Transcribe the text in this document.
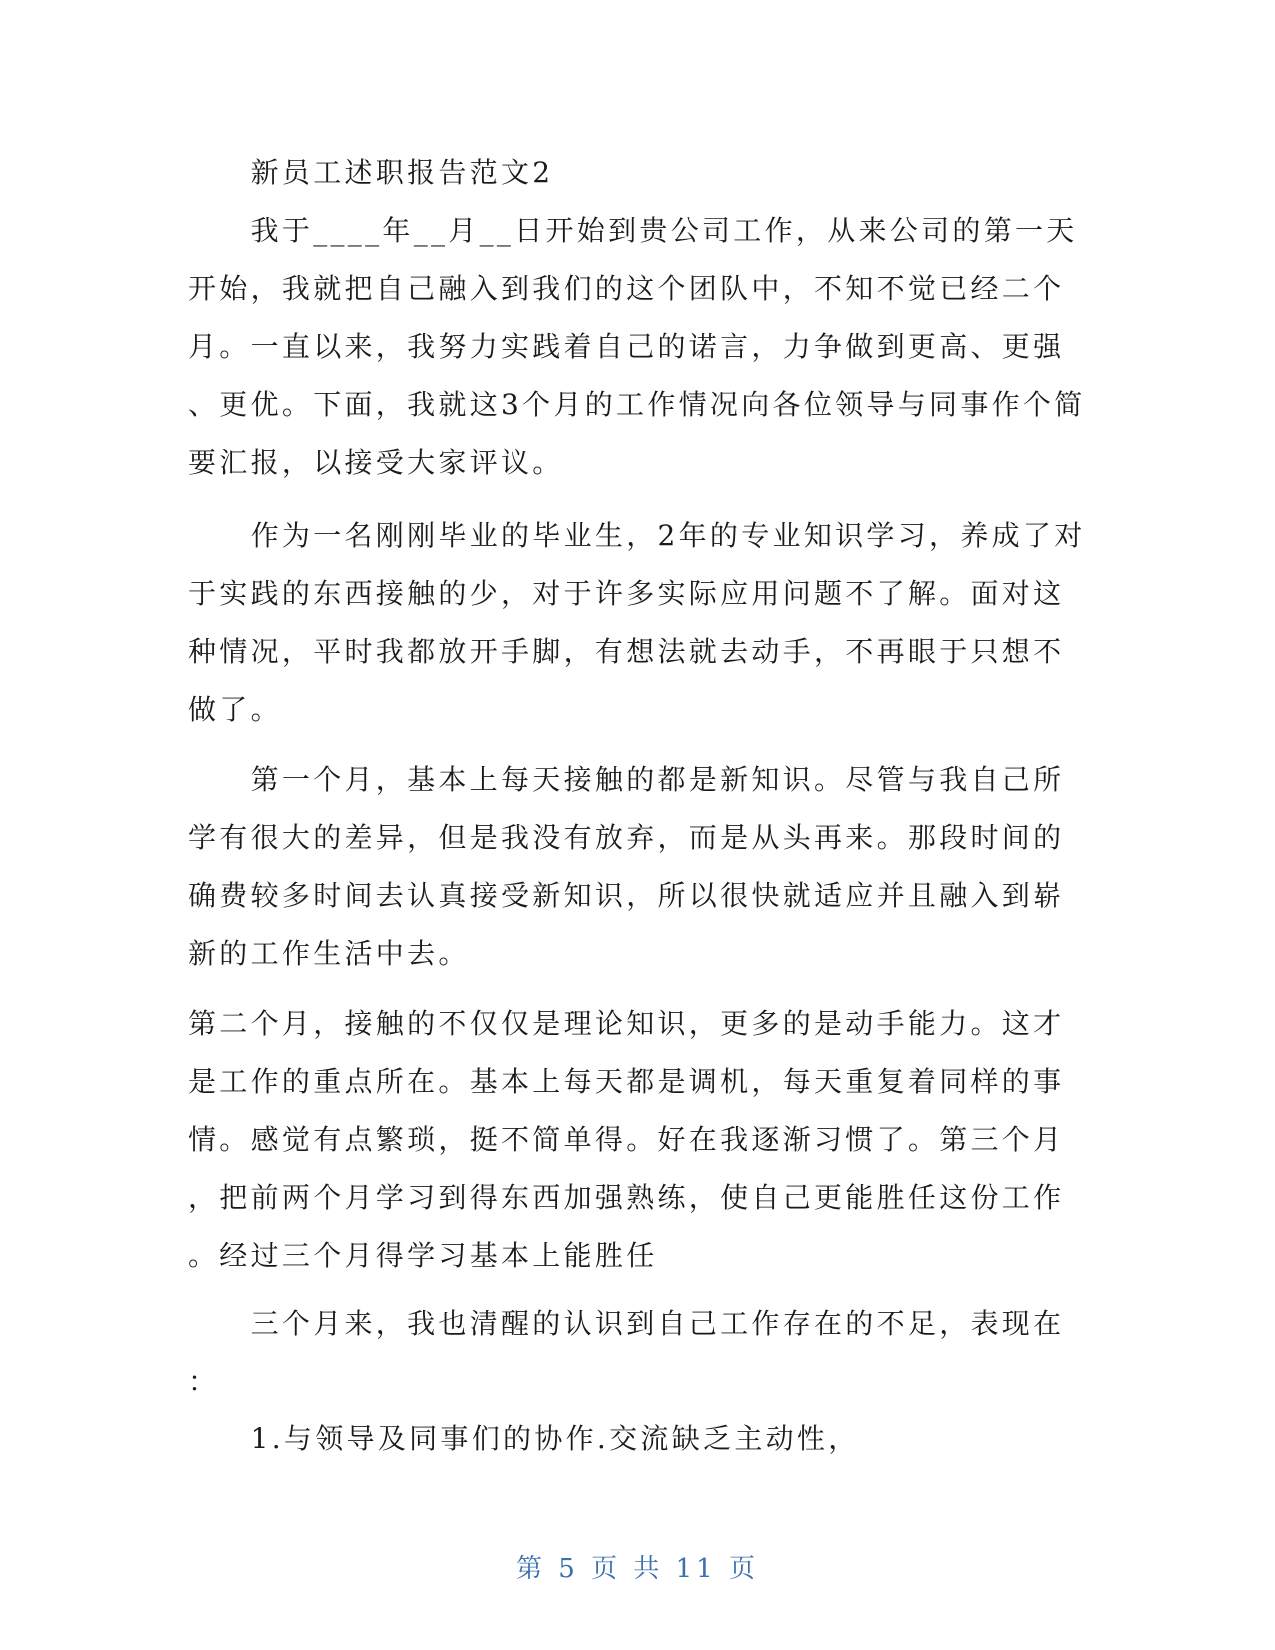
　　新员工述职报告范文2

　　我于____年__月__日开始到贵公司工作，从来公司的第一天
开始，我就把自己融入到我们的这个团队中，不知不觉已经二个
月。一直以来，我努力实践着自己的诺言，力争做到更高、更强
、更优。下面，我就这3个月的工作情况向各位领导与同事作个简
要汇报，以接受大家评议。

　　作为一名刚刚毕业的毕业生，2年的专业知识学习，养成了对
于实践的东西接触的少，对于许多实际应用问题不了解。面对这
种情况，平时我都放开手脚，有想法就去动手，不再眼于只想不
做了。

　　第一个月，基本上每天接触的都是新知识。尽管与我自己所
学有很大的差异，但是我没有放弃，而是从头再来。那段时间的
确费较多时间去认真接受新知识，所以很快就适应并且融入到崭
新的工作生活中去。

第二个月，接触的不仅仅是理论知识，更多的是动手能力。这才
是工作的重点所在。基本上每天都是调机，每天重复着同样的事
情。感觉有点繁琐，挺不简单得。好在我逐渐习惯了。第三个月
，把前两个月学习到得东西加强熟练，使自己更能胜任这份工作
。经过三个月得学习基本上能胜任

　　三个月来，我也清醒的认识到自己工作存在的不足，表现在
：

　　1.与领导及同事们的协作.交流缺乏主动性，

第 5 页 共 11 页
